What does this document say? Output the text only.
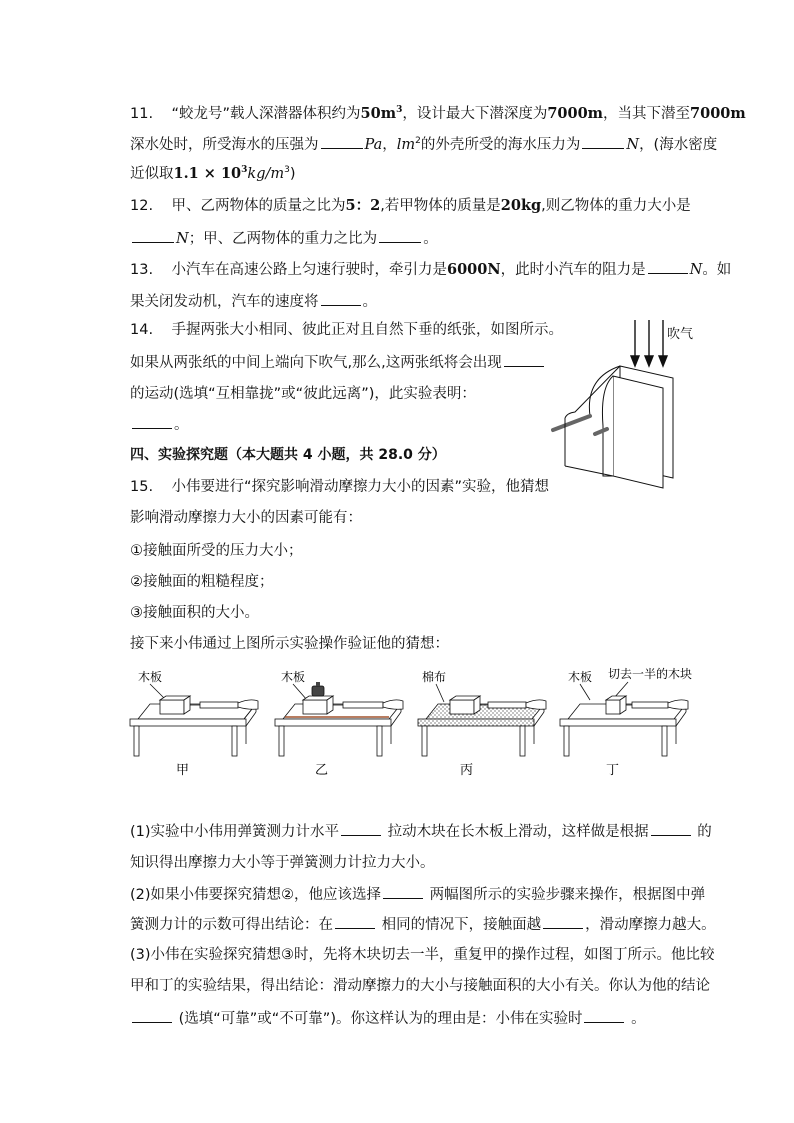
11. “蛟龙号”载人深潜器体积约为$50m^3$，设计最大下潜深度为7000m，当其下潜至7000m
深水处时，所受海水的压强为	Pa，$lm^2$的外壳所受的海水压力为	N，(海水密度
近似取$1.1 \times 10^3kg/m^3$)
12. 甲、乙两物体的质量之比为5：2,若甲物体的质量是20kg,则乙物体的重力大小是
N；甲、乙两物体的重力之比为	。
13. 小汽车在高速公路上匀速行驶时，牵引力是6000N，此时小汽车的阻力是	N。如
果关闭发动机，汽车的速度将	。
14. 手握两张大小相同、彼此正对且自然下垂的纸张，如图所示。
如果从两张纸的中间上端向下吹气,那么,这两张纸将会出现
的运动(选填“互相靠拢”或“彼此远离”)，此实验表明：
。
吹气
四、实验探究题（本大题共 4 小题，共 28.0 分）
15. 小伟要进行“探究影响滑动摩擦力大小的因素”实验，他猜想
影响滑动摩擦力大小的因素可能有：
①接触面所受的压力大小；
②接触面的粗糙程度；
③接触面积的大小。
接下来小伟通过上图所示实验操作验证他的猜想：
木板
甲
木板
乙
棉布
丙
木板 切去一半的木块
丁
(1)实验中小伟用弹簧测力计水平	拉动木块在长木板上滑动，这样做是根据	的
知识得出摩擦力大小等于弹簧测力计拉力大小。
(2)如果小伟要探究猜想②，他应该选择	两幅图所示的实验步骤来操作，根据图中弹
簧测力计的示数可得出结论：在	相同的情况下，接触面越	，滑动摩擦力越大。
(3)小伟在实验探究猜想③时，先将木块切去一半，重复甲的操作过程，如图丁所示。他比较
甲和丁的实验结果，得出结论：滑动摩擦力的大小与接触面积的大小有关。你认为他的结论
(选填“可靠”或“不可靠”)。你这样认为的理由是：小伟在实验时	。
